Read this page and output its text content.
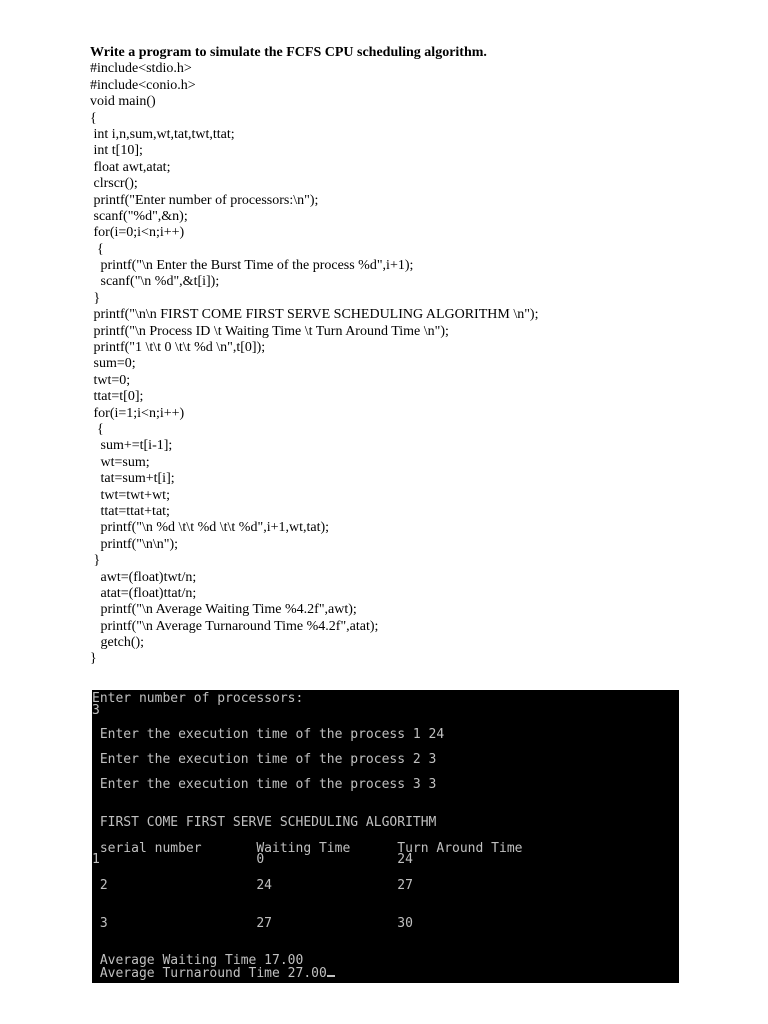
Write a program to simulate the FCFS CPU scheduling algorithm.
#include<stdio.h>
#include<conio.h>
void main()
{
int i,n,sum,wt,tat,twt,ttat;
int t[10];
float awt,atat;
clrscr();
printf("Enter number of processors:\n");
scanf("%d",&n);
for(i=0;i<n;i++)
{
printf("\n Enter the Burst Time of the process %d",i+1);
scanf("\n %d",&t[i]);
}
printf("\n\n FIRST COME FIRST SERVE SCHEDULING ALGORITHM \n");
printf("\n Process ID \t Waiting Time \t Turn Around Time \n");
printf("1 \t\t 0 \t\t %d \n",t[0]);
sum=0;
twt=0;
ttat=t[0];
for(i=1;i<n;i++)
{
sum+=t[i-1];
wt=sum;
tat=sum+t[i];
twt=twt+wt;
ttat=ttat+tat;
printf("\n %d \t\t %d \t\t %d",i+1,wt,tat);
printf("\n\n");
}
awt=(float)twt/n;
atat=(float)ttat/n;
printf("\n Average Waiting Time %4.2f",awt);
printf("\n Average Turnaround Time %4.2f",atat);
getch();
}
Enter number of processors:
3
Enter the execution time of the process 1 24
Enter the execution time of the process 2 3
Enter the execution time of the process 3 3
FIRST COME FIRST SERVE SCHEDULING ALGORITHM
serial number       Waiting Time      Turn Around Time
1                    0                 24
2                   24                27
3                   27                30
Average Waiting Time 17.00
Average Turnaround Time 27.00
